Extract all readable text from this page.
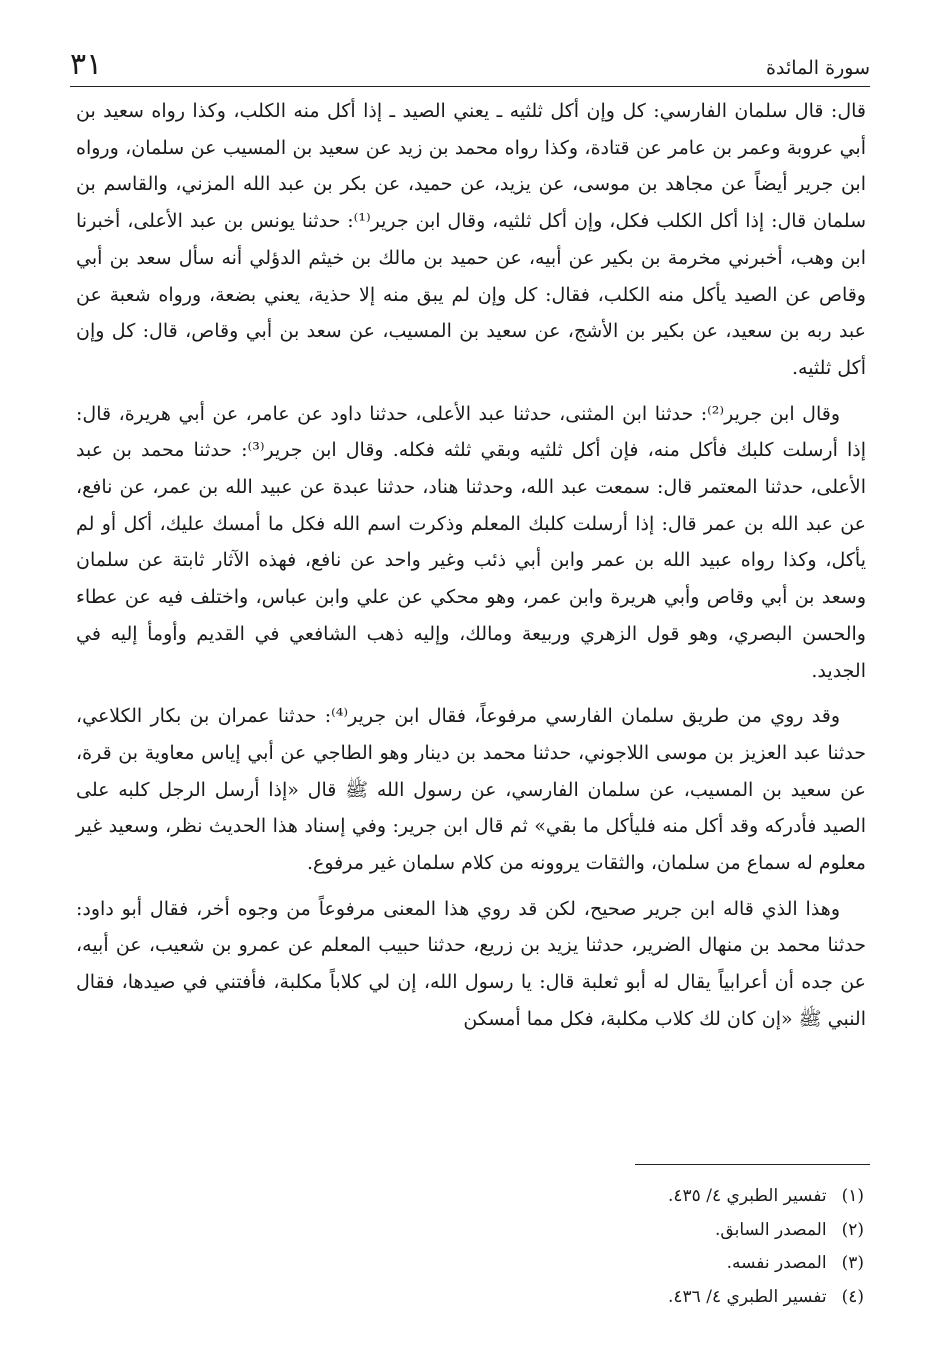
٣١	سورة المائدة

قال: قال سلمان الفارسي: كل وإن أكل ثلثيه ـ يعني الصيد ـ إذا أكل منه الكلب، وكذا رواه سعيد بن أبي عروبة وعمر بن عامر عن قتادة، وكذا رواه محمد بن زيد عن سعيد بن المسيب عن سلمان، ورواه ابن جرير أيضاً عن مجاهد بن موسى، عن يزيد، عن حميد، عن بكر بن عبد الله المزني، والقاسم بن سلمان قال: إذا أكل الكلب فكل، وإن أكل ثلثيه، وقال ابن جرير⁽¹⁾: حدثنا يونس بن عبد الأعلى، أخبرنا ابن وهب، أخبرني مخرمة بن بكير عن أبيه، عن حميد بن مالك بن خيثم الدؤلي أنه سأل سعد بن أبي وقاص عن الصيد يأكل منه الكلب، فقال: كل وإن لم يبق منه إلا حذية، يعني بضعة، ورواه شعبة عن عبد ربه بن سعيد، عن بكير بن الأشج، عن سعيد بن المسيب، عن سعد بن أبي وقاص، قال: كل وإن أكل ثلثيه.

وقال ابن جرير⁽²⁾: حدثنا ابن المثنى، حدثنا عبد الأعلى، حدثنا داود عن عامر، عن أبي هريرة، قال: إذا أرسلت كلبك فأكل منه، فإن أكل ثلثيه وبقي ثلثه فكله. وقال ابن جرير⁽³⁾: حدثنا محمد بن عبد الأعلى، حدثنا المعتمر قال: سمعت عبد الله، وحدثنا هناد، حدثنا عبدة عن عبيد الله بن عمر، عن نافع، عن عبد الله بن عمر قال: إذا أرسلت كلبك المعلم وذكرت اسم الله فكل ما أمسك عليك، أكل أو لم يأكل، وكذا رواه عبيد الله بن عمر وابن أبي ذئب وغير واحد عن نافع، فهذه الآثار ثابتة عن سلمان وسعد بن أبي وقاص وأبي هريرة وابن عمر، وهو محكي عن علي وابن عباس، واختلف فيه عن عطاء والحسن البصري، وهو قول الزهري وربيعة ومالك، وإليه ذهب الشافعي في القديم وأومأ إليه في الجديد.

وقد روي من طريق سلمان الفارسي مرفوعاً، فقال ابن جرير⁽⁴⁾: حدثنا عمران بن بكار الكلاعي، حدثنا عبد العزيز بن موسى اللاجوني، حدثنا محمد بن دينار وهو الطاجي عن أبي إياس معاوية بن قرة، عن سعيد بن المسيب، عن سلمان الفارسي، عن رسول الله ﷺ قال «إذا أرسل الرجل كلبه على الصيد فأدركه وقد أكل منه فليأكل ما بقي» ثم قال ابن جرير: وفي إسناد هذا الحديث نظر، وسعيد غير معلوم له سماع من سلمان، والثقات يروونه من كلام سلمان غير مرفوع.

وهذا الذي قاله ابن جرير صحيح، لكن قد روي هذا المعنى مرفوعاً من وجوه أخر، فقال أبو داود: حدثنا محمد بن منهال الضرير، حدثنا يزيد بن زريع، حدثنا حبيب المعلم عن عمرو بن شعيب، عن أبيه، عن جده أن أعرابياً يقال له أبو ثعلبة قال: يا رسول الله، إن لي كلاباً مكلبة، فأفتني في صيدها، فقال النبي ﷺ «إن كان لك كلاب مكلبة، فكل مما أمسكن

(١) تفسير الطبري ٤/ ٤٣٥.
(٢) المصدر السابق.
(٣) المصدر نفسه.
(٤) تفسير الطبري ٤/ ٤٣٦.
